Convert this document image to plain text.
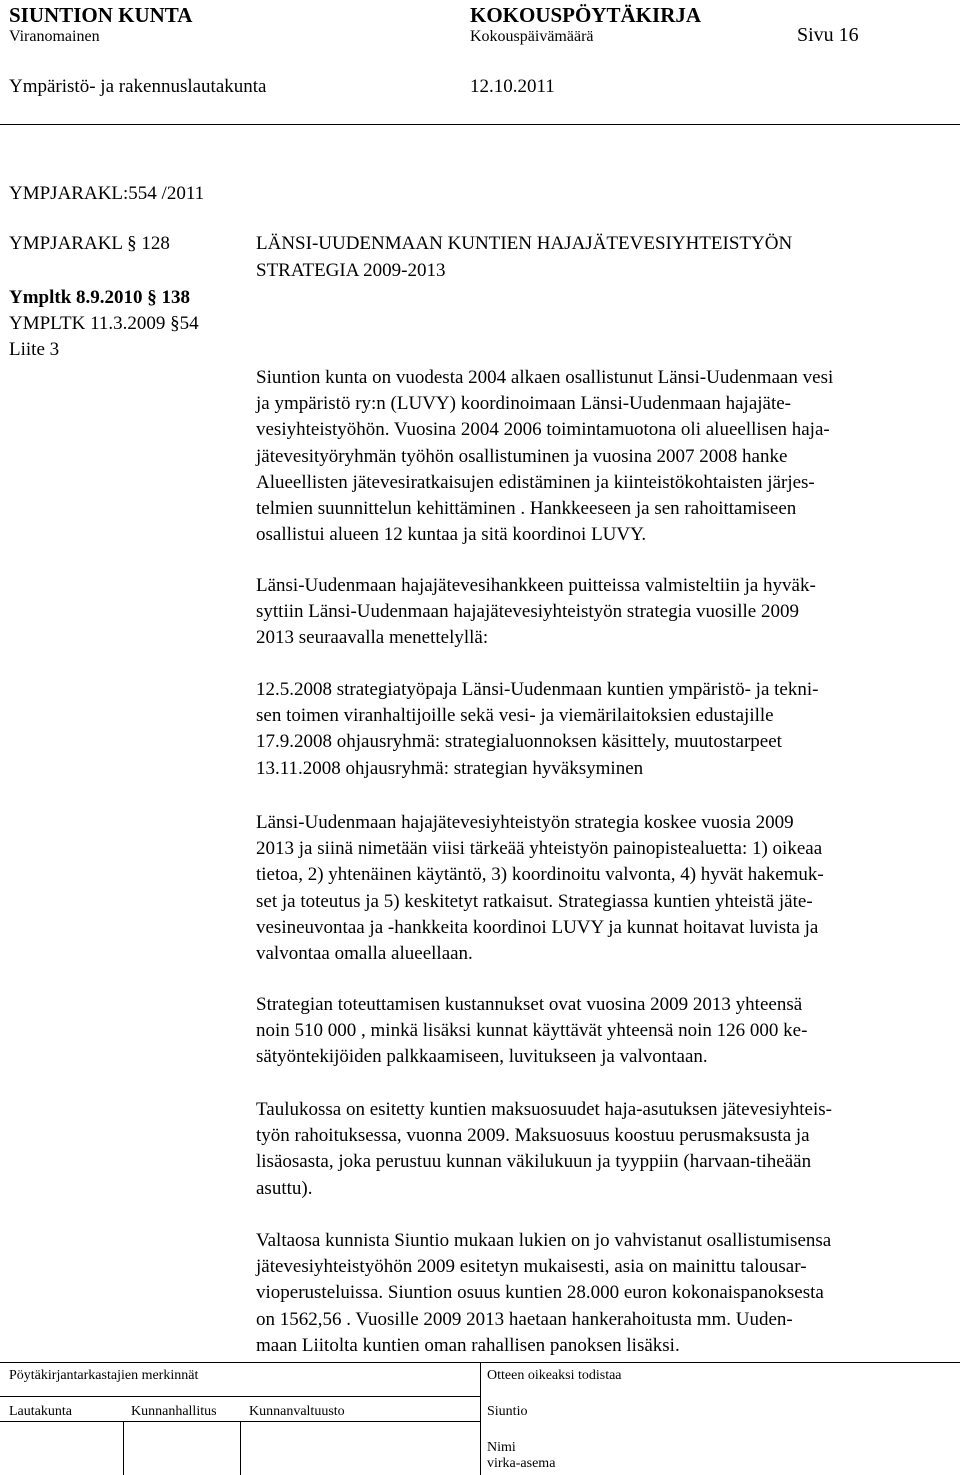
SIUNTION KUNTA	KOKOUSPÖYTÄKIRJA
Viranomainen	Kokouspäivämäärä	Sivu 16
Ympäristö- ja rakennuslautakunta	12.10.2011
YMPJARAKL:554 /2011
YMPJARAKL § 128
Ympltk 8.9.2010 § 138
YMPLTK 11.3.2009 §54
Liite 3
LÄNSI-UUDENMAAN KUNTIEN HAJAJÄTEVESIYHTEISTYÖN
STRATEGIA 2009-2013
Siuntion kunta on vuodesta 2004 alkaen osallistunut Länsi-Uudenmaan vesi
ja ympäristö ry:n (LUVY) koordinoimaan Länsi-Uudenmaan hajajäte-
vesiyhteistyöhön. Vuosina 2004 2006 toimintamuotona oli alueellisen haja-
jätevesityöryhmän työhön osallistuminen ja vuosina 2007 2008 hanke
Alueellisten jätevesiratkaisujen edistäminen ja kiinteistökohtaisten järjes-
telmien suunnittelun kehittäminen . Hankkeeseen ja sen rahoittamiseen
osallistui alueen 12 kuntaa ja sitä koordinoi LUVY.
Länsi-Uudenmaan hajajätevesihankkeen puitteissa valmisteltiin ja hyväk-
syttiin Länsi-Uudenmaan hajajätevesiyhteistyön strategia vuosille 2009
2013 seuraavalla menettelyllä:
12.5.2008 strategiatyöpaja Länsi-Uudenmaan kuntien ympäristö- ja tekni-
sen toimen viranhaltijoille sekä vesi- ja viemärilaitoksien edustajille
17.9.2008 ohjausryhmä: strategialuonnoksen käsittely, muutostarpeet
13.11.2008 ohjausryhmä: strategian hyväksyminen
Länsi-Uudenmaan hajajätevesiyhteistyön strategia koskee vuosia 2009
2013 ja siinä nimetään viisi tärkeää yhteistyön painopistealuetta: 1) oikeaa
tietoa, 2) yhtenäinen käytäntö, 3) koordinoitu valvonta, 4) hyvät hakemuk-
set ja toteutus ja 5) keskitetyt ratkaisut. Strategiassa kuntien yhteistä jäte-
vesineuvontaa ja -hankkeita koordinoi LUVY ja kunnat hoitavat luvista ja
valvontaa omalla alueellaan.
Strategian toteuttamisen kustannukset ovat vuosina 2009 2013 yhteensä
noin 510 000 , minkä lisäksi kunnat käyttävät yhteensä noin 126 000 ke-
sätyöntekijöiden palkkaamiseen, luvitukseen ja valvontaan.
Taulukossa on esitetty kuntien maksuosuudet haja-asutuksen jätevesiyhteis-
työn rahoituksessa, vuonna 2009. Maksuosuus koostuu perusmaksusta ja
lisäosasta, joka perustuu kunnan väkilukuun ja tyyppiin (harvaan-tiheään
asuttu).
Valtaosa kunnista Siuntio mukaan lukien on jo vahvistanut osallistumisensa
jätevesiyhteistyöhön 2009 esitetyn mukaisesti, asia on mainittu talousar-
vioperusteluissa. Siuntion osuus kuntien 28.000 euron kokonaispanoksesta
on 1562,56 . Vuosille 2009 2013 haetaan hankerahoitusta mm. Uuden-
maan Liitolta kuntien oman rahallisen panoksen lisäksi.
Pöytäkirjantarkastajien merkinnät	Otteen oikeaksi todistaa
Lautakunta	Kunnanhallitus Kunnanvaltuusto	Siuntio
Nimi
virka-asema
